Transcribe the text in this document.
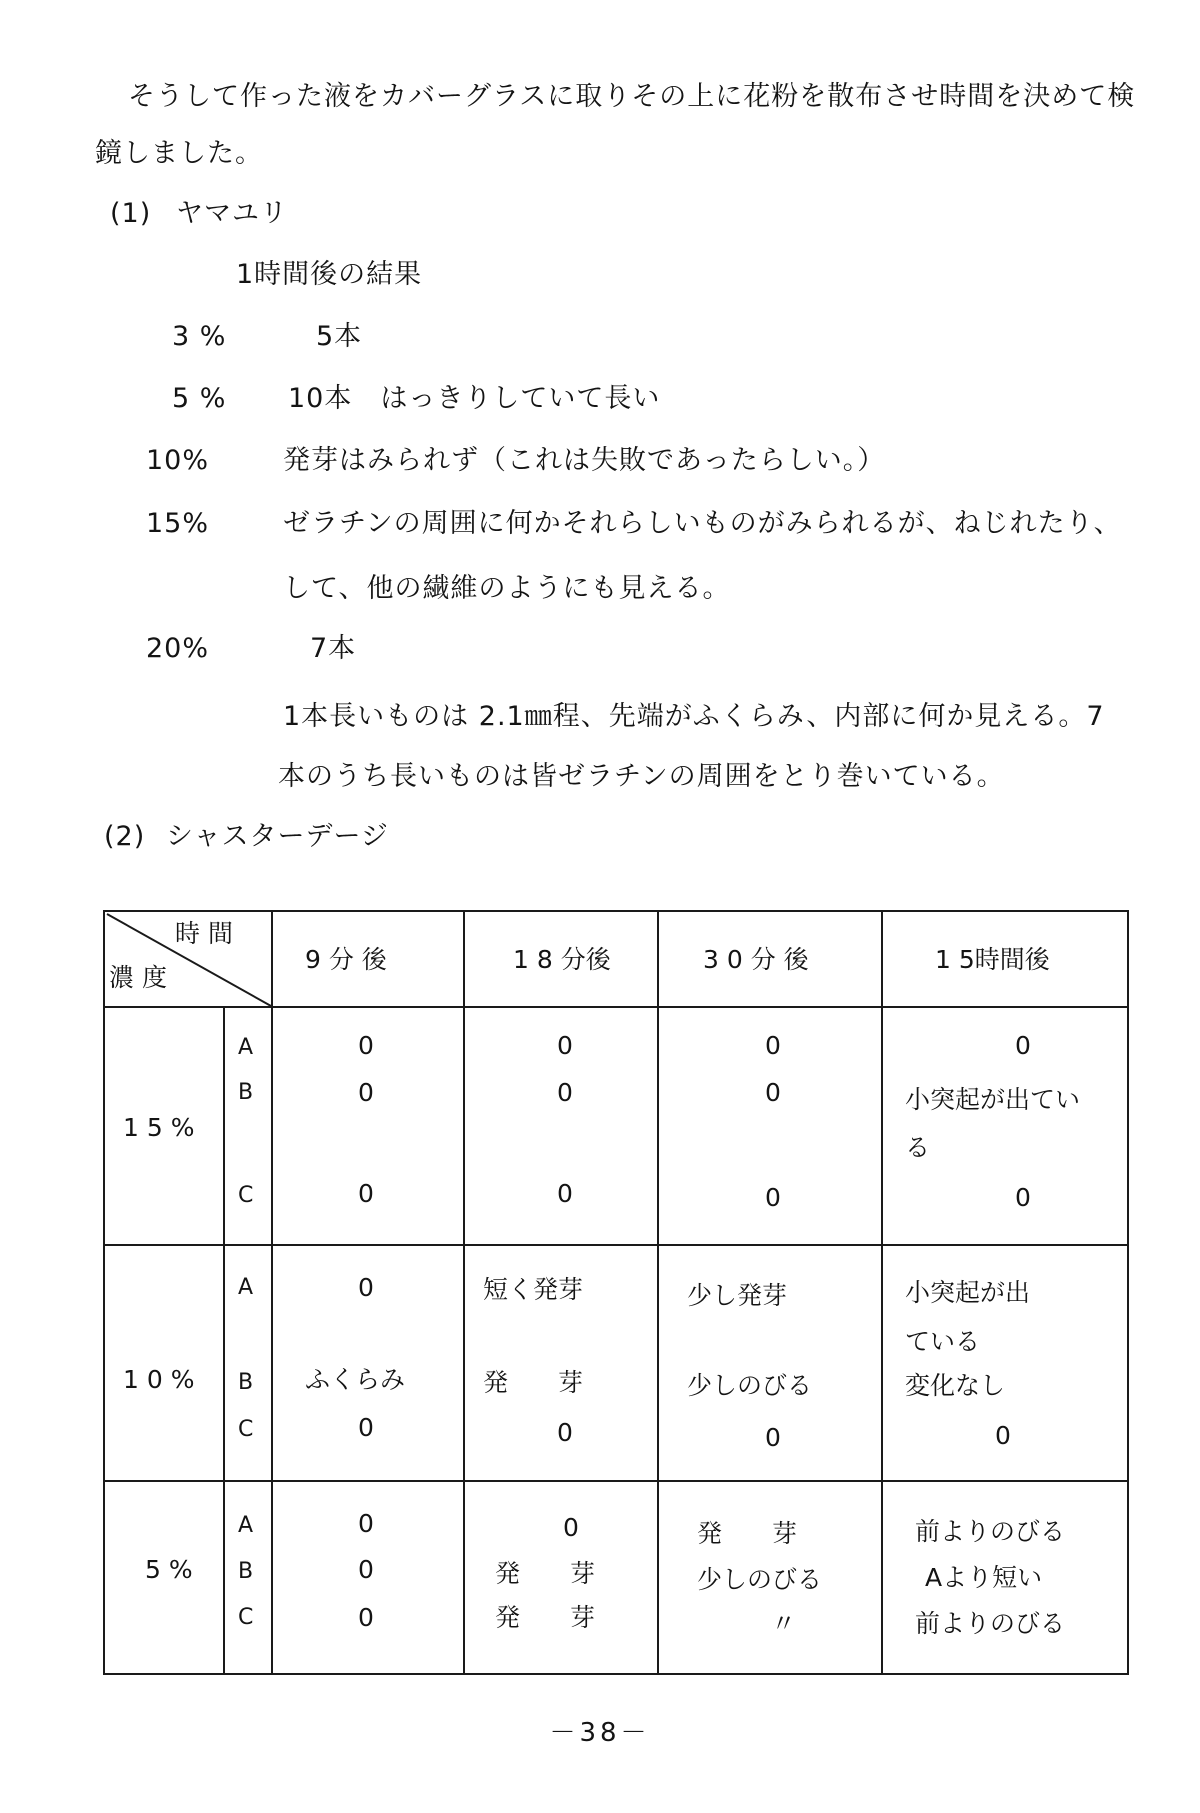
そうして作った液をカバーグラスに取りその上に花粉を散布させ時間を決めて検
鏡しました。
(1) ヤマユリ
1時間後の結果
3 %	5本
5 % 10本　はっきりしていて長い
10%	発芽はみられず（これは失敗であったらしい。）
15%	ゼラチンの周囲に何かそれらしいものがみられるが、ねじれたり、
して、他の繊維のようにも見える。
20%	7本
1本長いものは 2.1㎜程、先端がふくらみ、内部に何か見える。7
本のうち長いものは皆ゼラチンの周囲をとり巻いている。
(2) シャスターデージ
時 間
濃 度
9 分 後	1 8 分後	3 0 分 後	1 5時間後
1 5 %
A	0	0	0	0
B	0	0	0	小突起が出てい
る
C	0	0	0	0
1 0 %
A	0	短く発芽	少し発芽	小突起が出
ている
B ふくらみ	発　　芽	少しのびる	変化なし
C	0	0	0	0
5 %
A	0	0	発　　芽	前よりのびる
B	0	発　　芽	少しのびる	Aより短い
C	0	発　　芽	〃	前よりのびる
－38－
